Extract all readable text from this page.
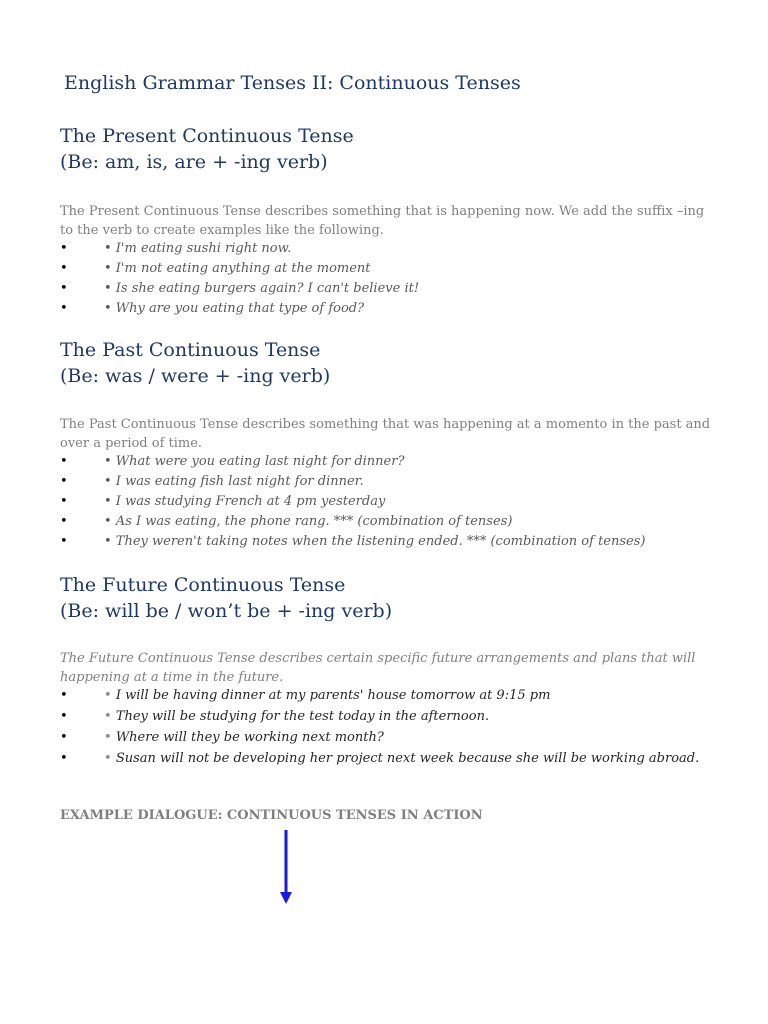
English Grammar Tenses II: Continuous Tenses
The Present Continuous Tense
(Be: am, is, are + -ing verb)
The Present Continuous Tense describes something that is happening now. We add the suffix –ing to the verb to create examples like the following.
•	• I'm eating sushi right now.
•	• I'm not eating anything at the moment
•	• Is she eating burgers again? I can't believe it!
•	• Why are you eating that type of food?
The Past Continuous Tense
(Be: was / were + -ing verb)
The Past Continuous Tense describes something that was happening at a momento in the past and over a period of time.
•	• What were you eating last night for dinner?
•	• I was eating fish last night for dinner.
•	• I was studying French at 4 pm yesterday
•	• As I was eating, the phone rang. *** (combination of tenses)
•	• They weren't taking notes when the listening ended. *** (combination of tenses)
The Future Continuous Tense
(Be: will be / won’t be + -ing verb)
The Future Continuous Tense describes certain specific future arrangements and plans that will happening at a time in the future.
•	• I will be having dinner at my parents' house tomorrow at 9:15 pm
•	• They will be studying for the test today in the afternoon.
•	• Where will they be working next month?
•	• Susan will not be developing her project next week because she will be working abroad.
EXAMPLE DIALOGUE: CONTINUOUS TENSES IN ACTION
